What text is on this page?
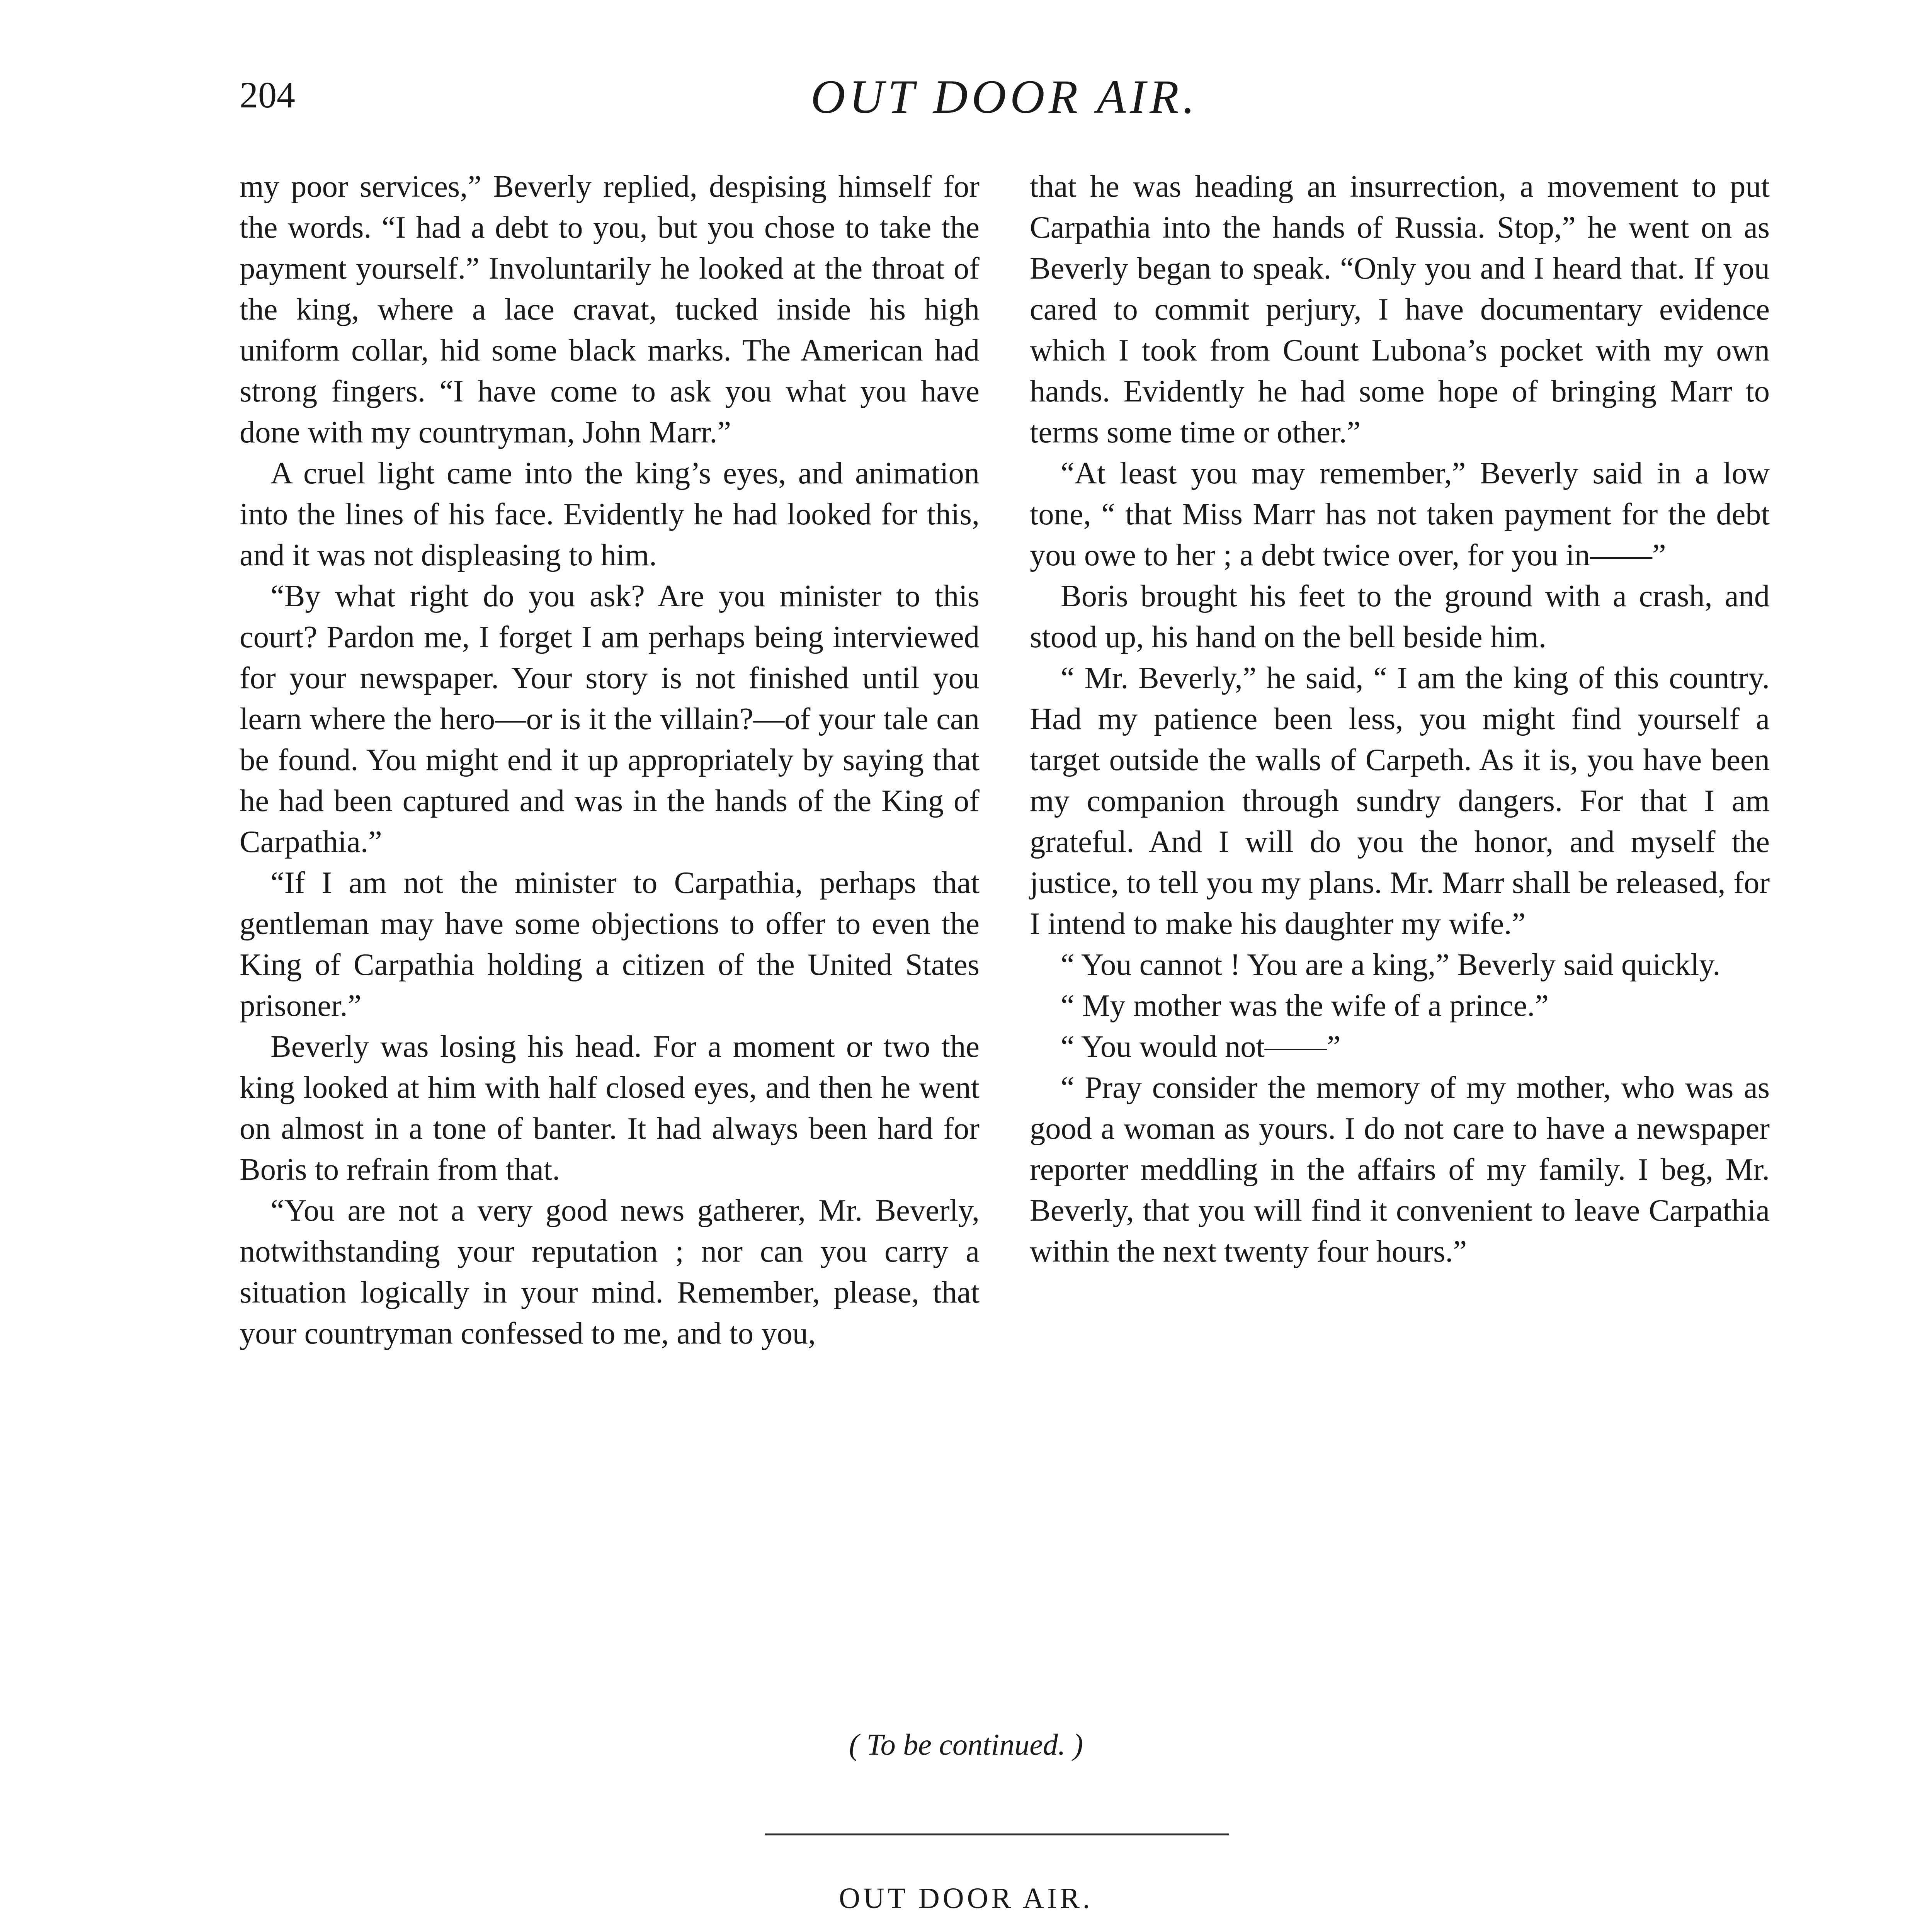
204	OUT DOOR AIR.

my poor services,” Beverly replied, despising himself for the words. “I had a debt to you, but you chose to take the payment yourself.” Involuntarily he looked at the throat of the king, where a lace cravat, tucked inside his high uniform collar, hid some black marks. The American had strong fingers. “I have come to ask you what you have done with my countryman, John Marr.”

A cruel light came into the king’s eyes, and animation into the lines of his face. Evidently he had looked for this, and it was not displeasing to him.

“By what right do you ask? Are you minister to this court? Pardon me, I forget I am perhaps being interviewed for your newspaper. Your story is not finished until you learn where the hero—or is it the villain?—of your tale can be found. You might end it up appropriately by saying that he had been captured and was in the hands of the King of Carpathia.”

“If I am not the minister to Carpathia, perhaps that gentleman may have some objections to offer to even the King of Carpathia holding a citizen of the United States prisoner.”

Beverly was losing his head. For a moment or two the king looked at him with half closed eyes, and then he went on almost in a tone of banter. It had always been hard for Boris to refrain from that.

“You are not a very good news gatherer, Mr. Beverly, notwithstanding your reputation ; nor can you carry a situation logically in your mind. Remember, please, that your countryman confessed to me, and to you,

that he was heading an insurrection, a movement to put Carpathia into the hands of Russia. Stop,” he went on as Beverly began to speak. “Only you and I heard that. If you cared to commit perjury, I have documentary evidence which I took from Count Lubona’s pocket with my own hands. Evidently he had some hope of bringing Marr to terms some time or other.”

“At least you may remember,” Beverly said in a low tone, “ that Miss Marr has not taken payment for the debt you owe to her ; a debt twice over, for you in——”

Boris brought his feet to the ground with a crash, and stood up, his hand on the bell beside him.

“ Mr. Beverly,” he said, “ I am the king of this country. Had my patience been less, you might find yourself a target outside the walls of Carpeth. As it is, you have been my companion through sundry dangers. For that I am grateful. And I will do you the honor, and myself the justice, to tell you my plans. Mr. Marr shall be released, for I intend to make his daughter my wife.”

“ You cannot ! You are a king,” Beverly said quickly.

“ My mother was the wife of a prince.”

“ You would not——”

“ Pray consider the memory of my mother, who was as good a woman as yours. I do not care to have a newspaper reporter meddling in the affairs of my family. I beg, Mr. Beverly, that you will find it convenient to leave Carpathia within the next twenty four hours.”

( To be continued. )
OUT DOOR AIR.
